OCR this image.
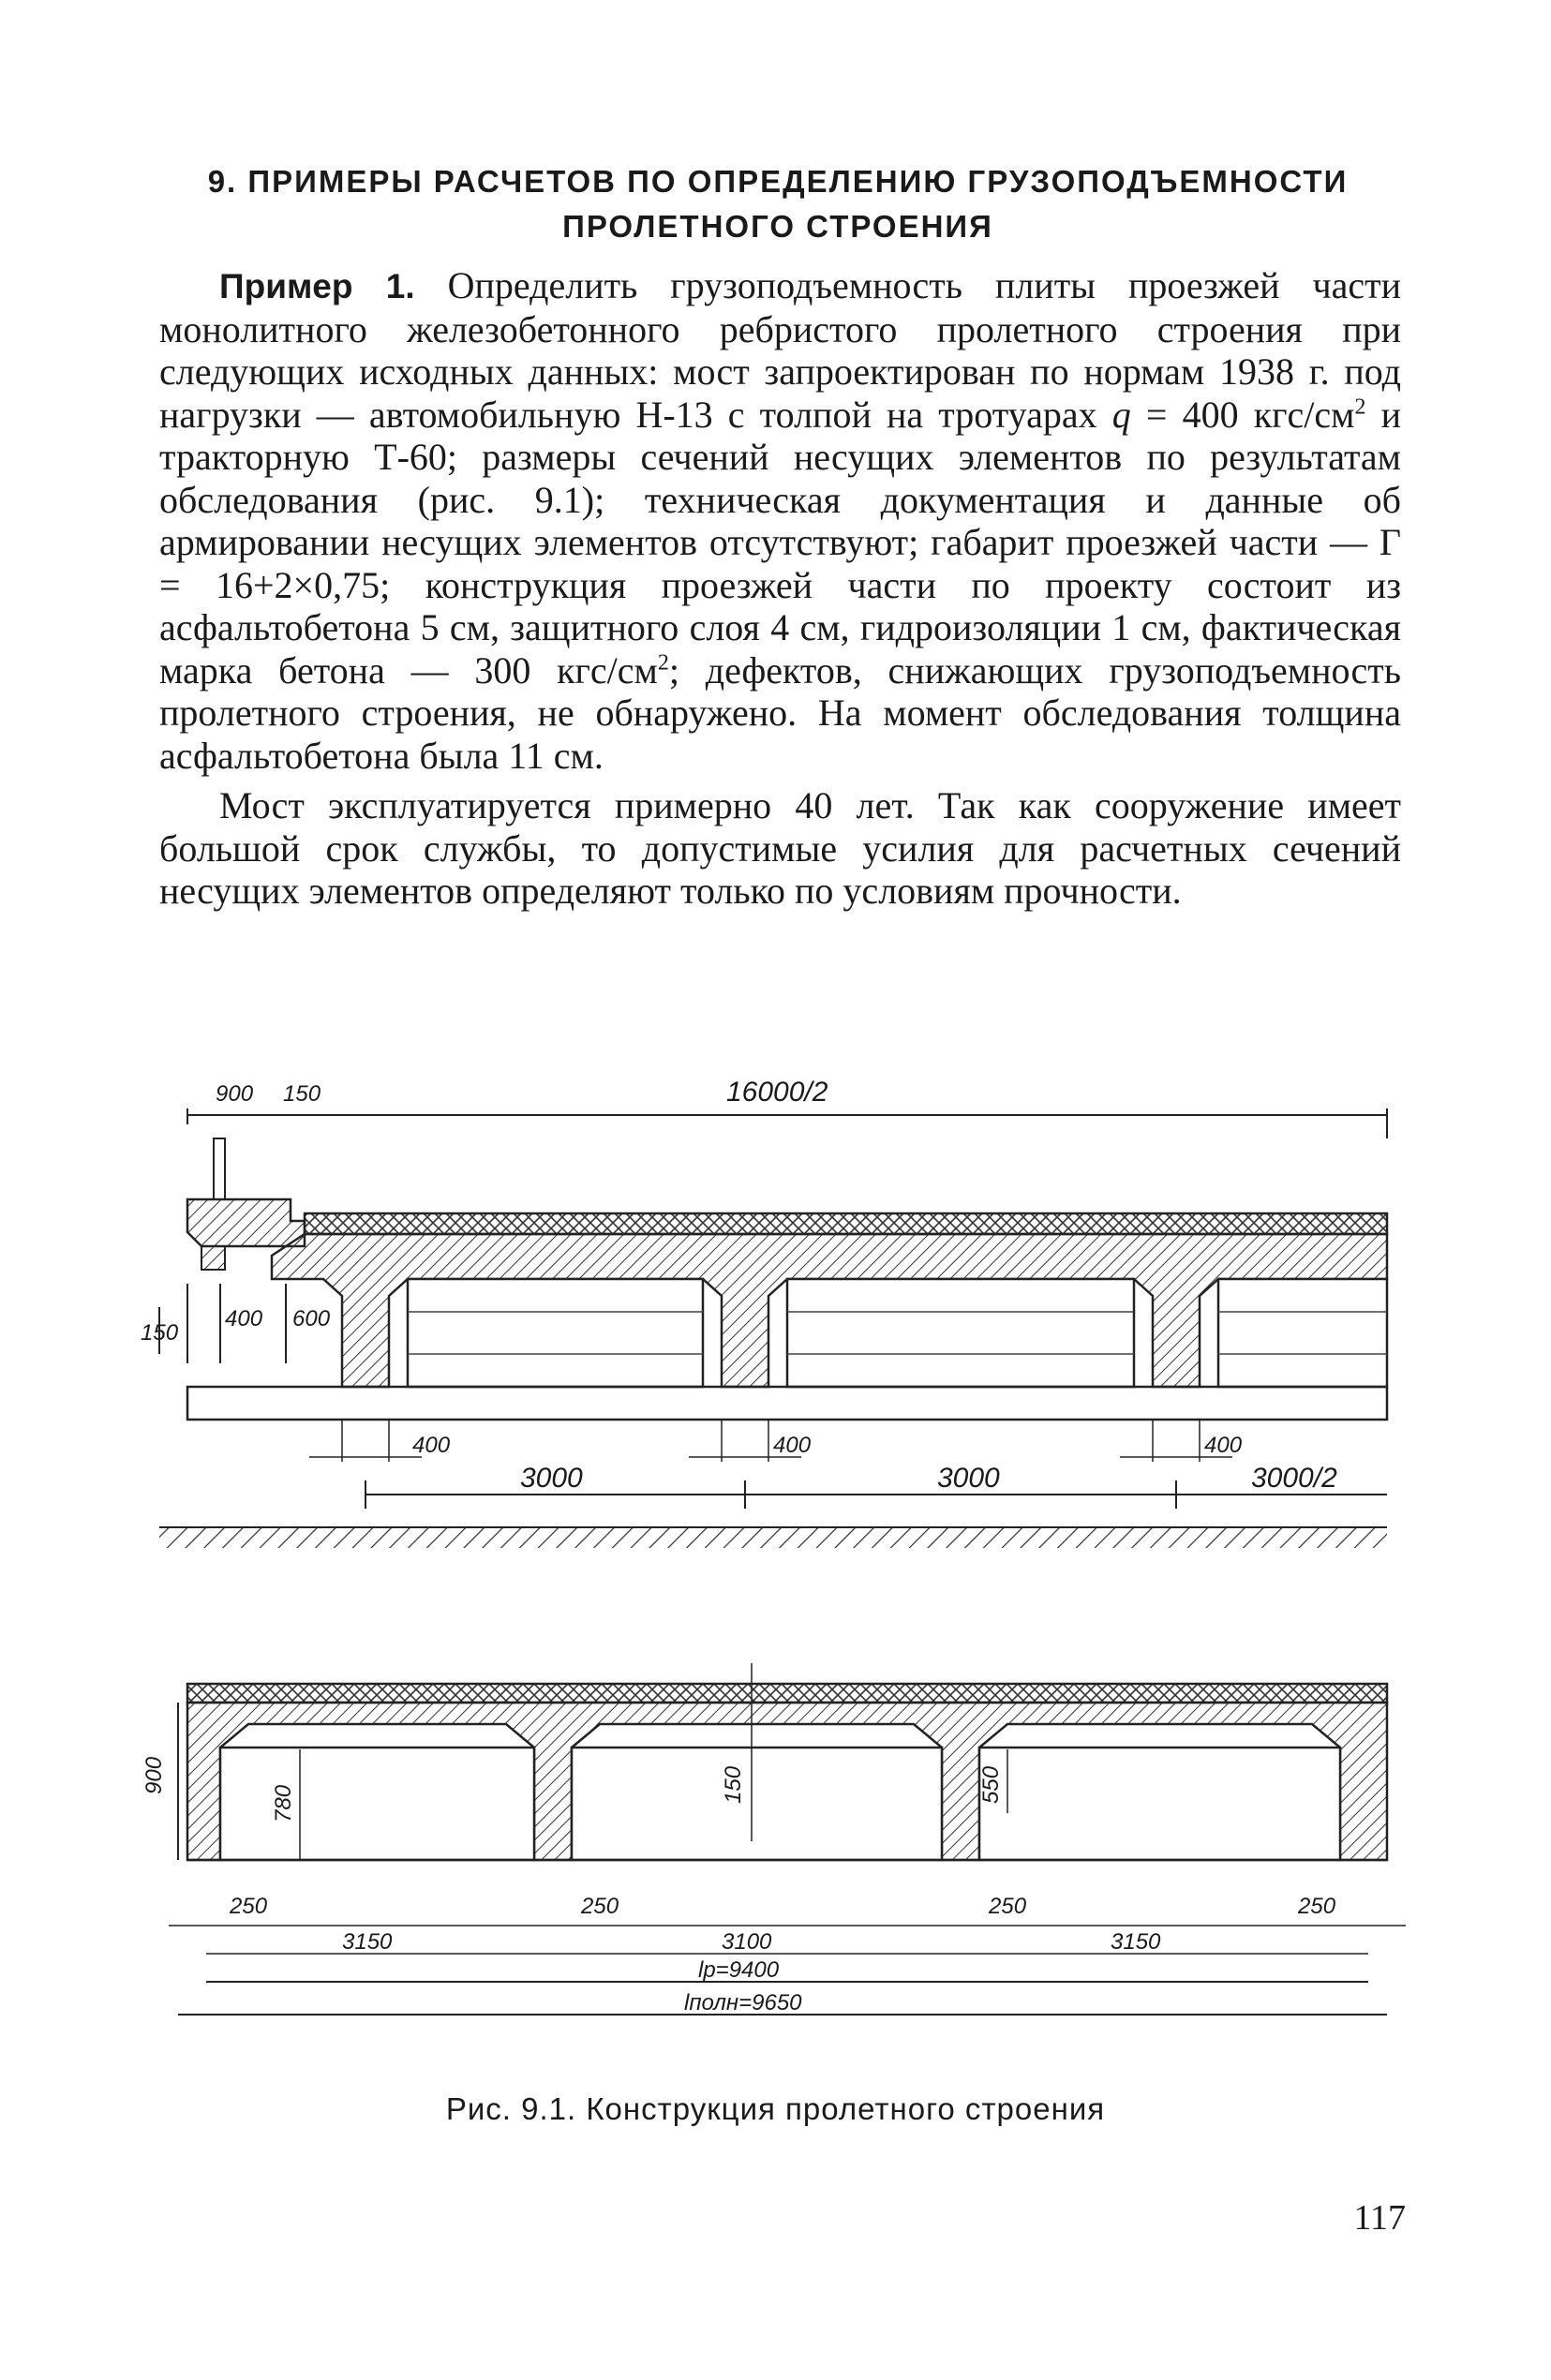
9. ПРИМЕРЫ РАСЧЕТОВ ПО ОПРЕДЕЛЕНИЮ ГРУЗОПОДЪЕМНОСТИ
ПРОЛЕТНОГО СТРОЕНИЯ

Пример 1. Определить грузоподъемность плиты проезжей части монолитного железобетонного ребристого пролетного строения при следующих исходных данных: мост запроектирован по нормам 1938 г. под нагрузки — автомобильную Н-13 с толпой на тротуарах q = 400 кгс/$см^2$ и тракторную Т-60; размеры сечений несущих элементов по результатам обследования (рис. 9.1); техническая документация и данные об армировании несущих элементов отсутствуют; габарит проезжей части — Г = 16+2×0,75; конструкция проезжей части по проекту состоит из асфальтобетона 5 см, защитного слоя 4 см, гидроизоляции 1 см, фактическая марка бетона — 300 кгс/$см^2$; дефектов, снижающих грузоподъемность пролетного строения, не обнаружено. На момент обследования толщина асфальтобетона была 11 см.

Мост эксплуатируется примерно 40 лет. Так как сооружение имеет большой срок службы, то допустимые усилия для расчетных сечений несущих элементов определяют только по условиям прочности.

900 150	16000/2
150
400 600
400	400	400
3000	3000	3000/2
900
780	150	550
250	250	250	250
3150	3100	3150
lр=9400
lполн=9650
Рис. 9.1. Конструкция пролетного строения
117
